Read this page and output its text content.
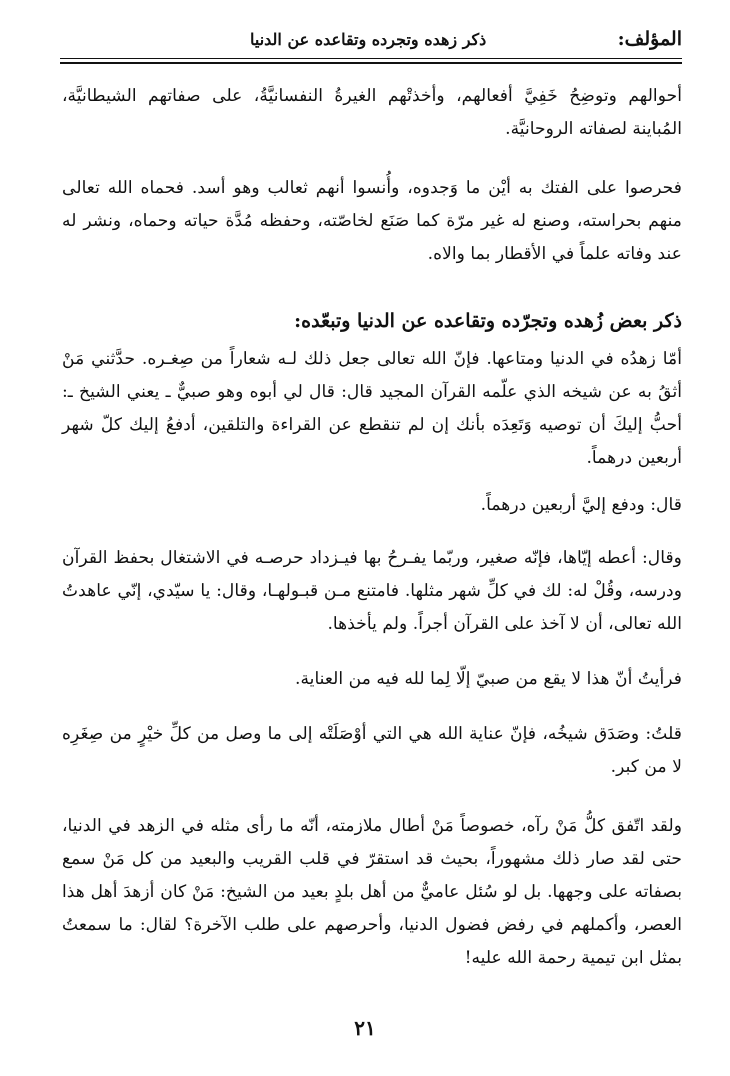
المؤلف:
ذكر زهده وتجرده وتقاعده عن الدنيا

أحوالهم وتوضِحُ خَفِيَّ أفعالهم، وأخذتْهم الغيرةُ النفسانيَّةُ، على صفاتهم الشيطانيَّة، المُباينة لصفاته الروحانيَّة.

فحرصوا على الفتك به أيْن ما وَجدوه، وأُنسوا أنهم ثعالب وهو أسد. فحماه الله تعالى منهم بحراسته، وصنع له غير مرّة كما صَنَع لخاصّته، وحفظه مُدَّة حياته وحماه، ونشر له عند وفاته علماً في الأقطار بما والاه.

ذكر بعض زُهده وتجرّده وتقاعده عن الدنيا وتبعّده:

أمّا زهدُه في الدنيا ومتاعها. فإنّ الله تعالى جعل ذلك لـه شعاراً من صِغـره. حدَّثني مَنْ أثقُ به عن شيخه الذي علّمه القرآن المجيد قال: قال لي أبوه وهو صبيٌّ ـ يعني الشيخ ـ: أحبُّ إليكَ أن توصيه وَتَعِدَه بأنك إن لم تنقطع عن القراءة والتلقين، أدفعُ إليك كلّ شهر أربعين درهماً.

قال: ودفع إليَّ أربعين درهماً.

وقال: أعطه إيّاها، فإنّه صغير، وربّما يفـرحُ بها فيـزداد حرصـه في الاشتغال بحفظ القرآن ودرسه، وقُلْ له: لك في كلِّ شهر مثلها. فامتنع مـن قبـولهـا، وقال: يا سيّدي، إنّي عاهدتُ الله تعالى، أن لا آخذ على القرآن أجراً. ولم يأخذها.

فرأيتُ أنّ هذا لا يقع من صبيّ إلّا لِما لله فيه من العناية.

قلتُ: وصَدَق شيخُه، فإنّ عناية الله هي التي أوْصَلَتْه إلى ما وصل من كلِّ خيْرٍ من صِغَرِه لا من كبر.

ولقد اتّفق كلُّ مَنْ رآه، خصوصاً مَنْ أطال ملازمته، أنّه ما رأى مثله في الزهد في الدنيا، حتى لقد صار ذلك مشهوراً، بحيث قد استقرّ في قلب القريب والبعيد من كل مَنْ سمع بصفاته على وجهها. بل لو سُئل عاميٌّ من أهل بلدٍ بعيد من الشيخ: مَنْ كان أزهدَ أهل هذا العصر، وأكملهم في رفض فضول الدنيا، وأحرصهم على طلب الآخرة؟ لقال: ما سمعتُ بمثل ابن تيمية رحمة الله عليه!

٢١
